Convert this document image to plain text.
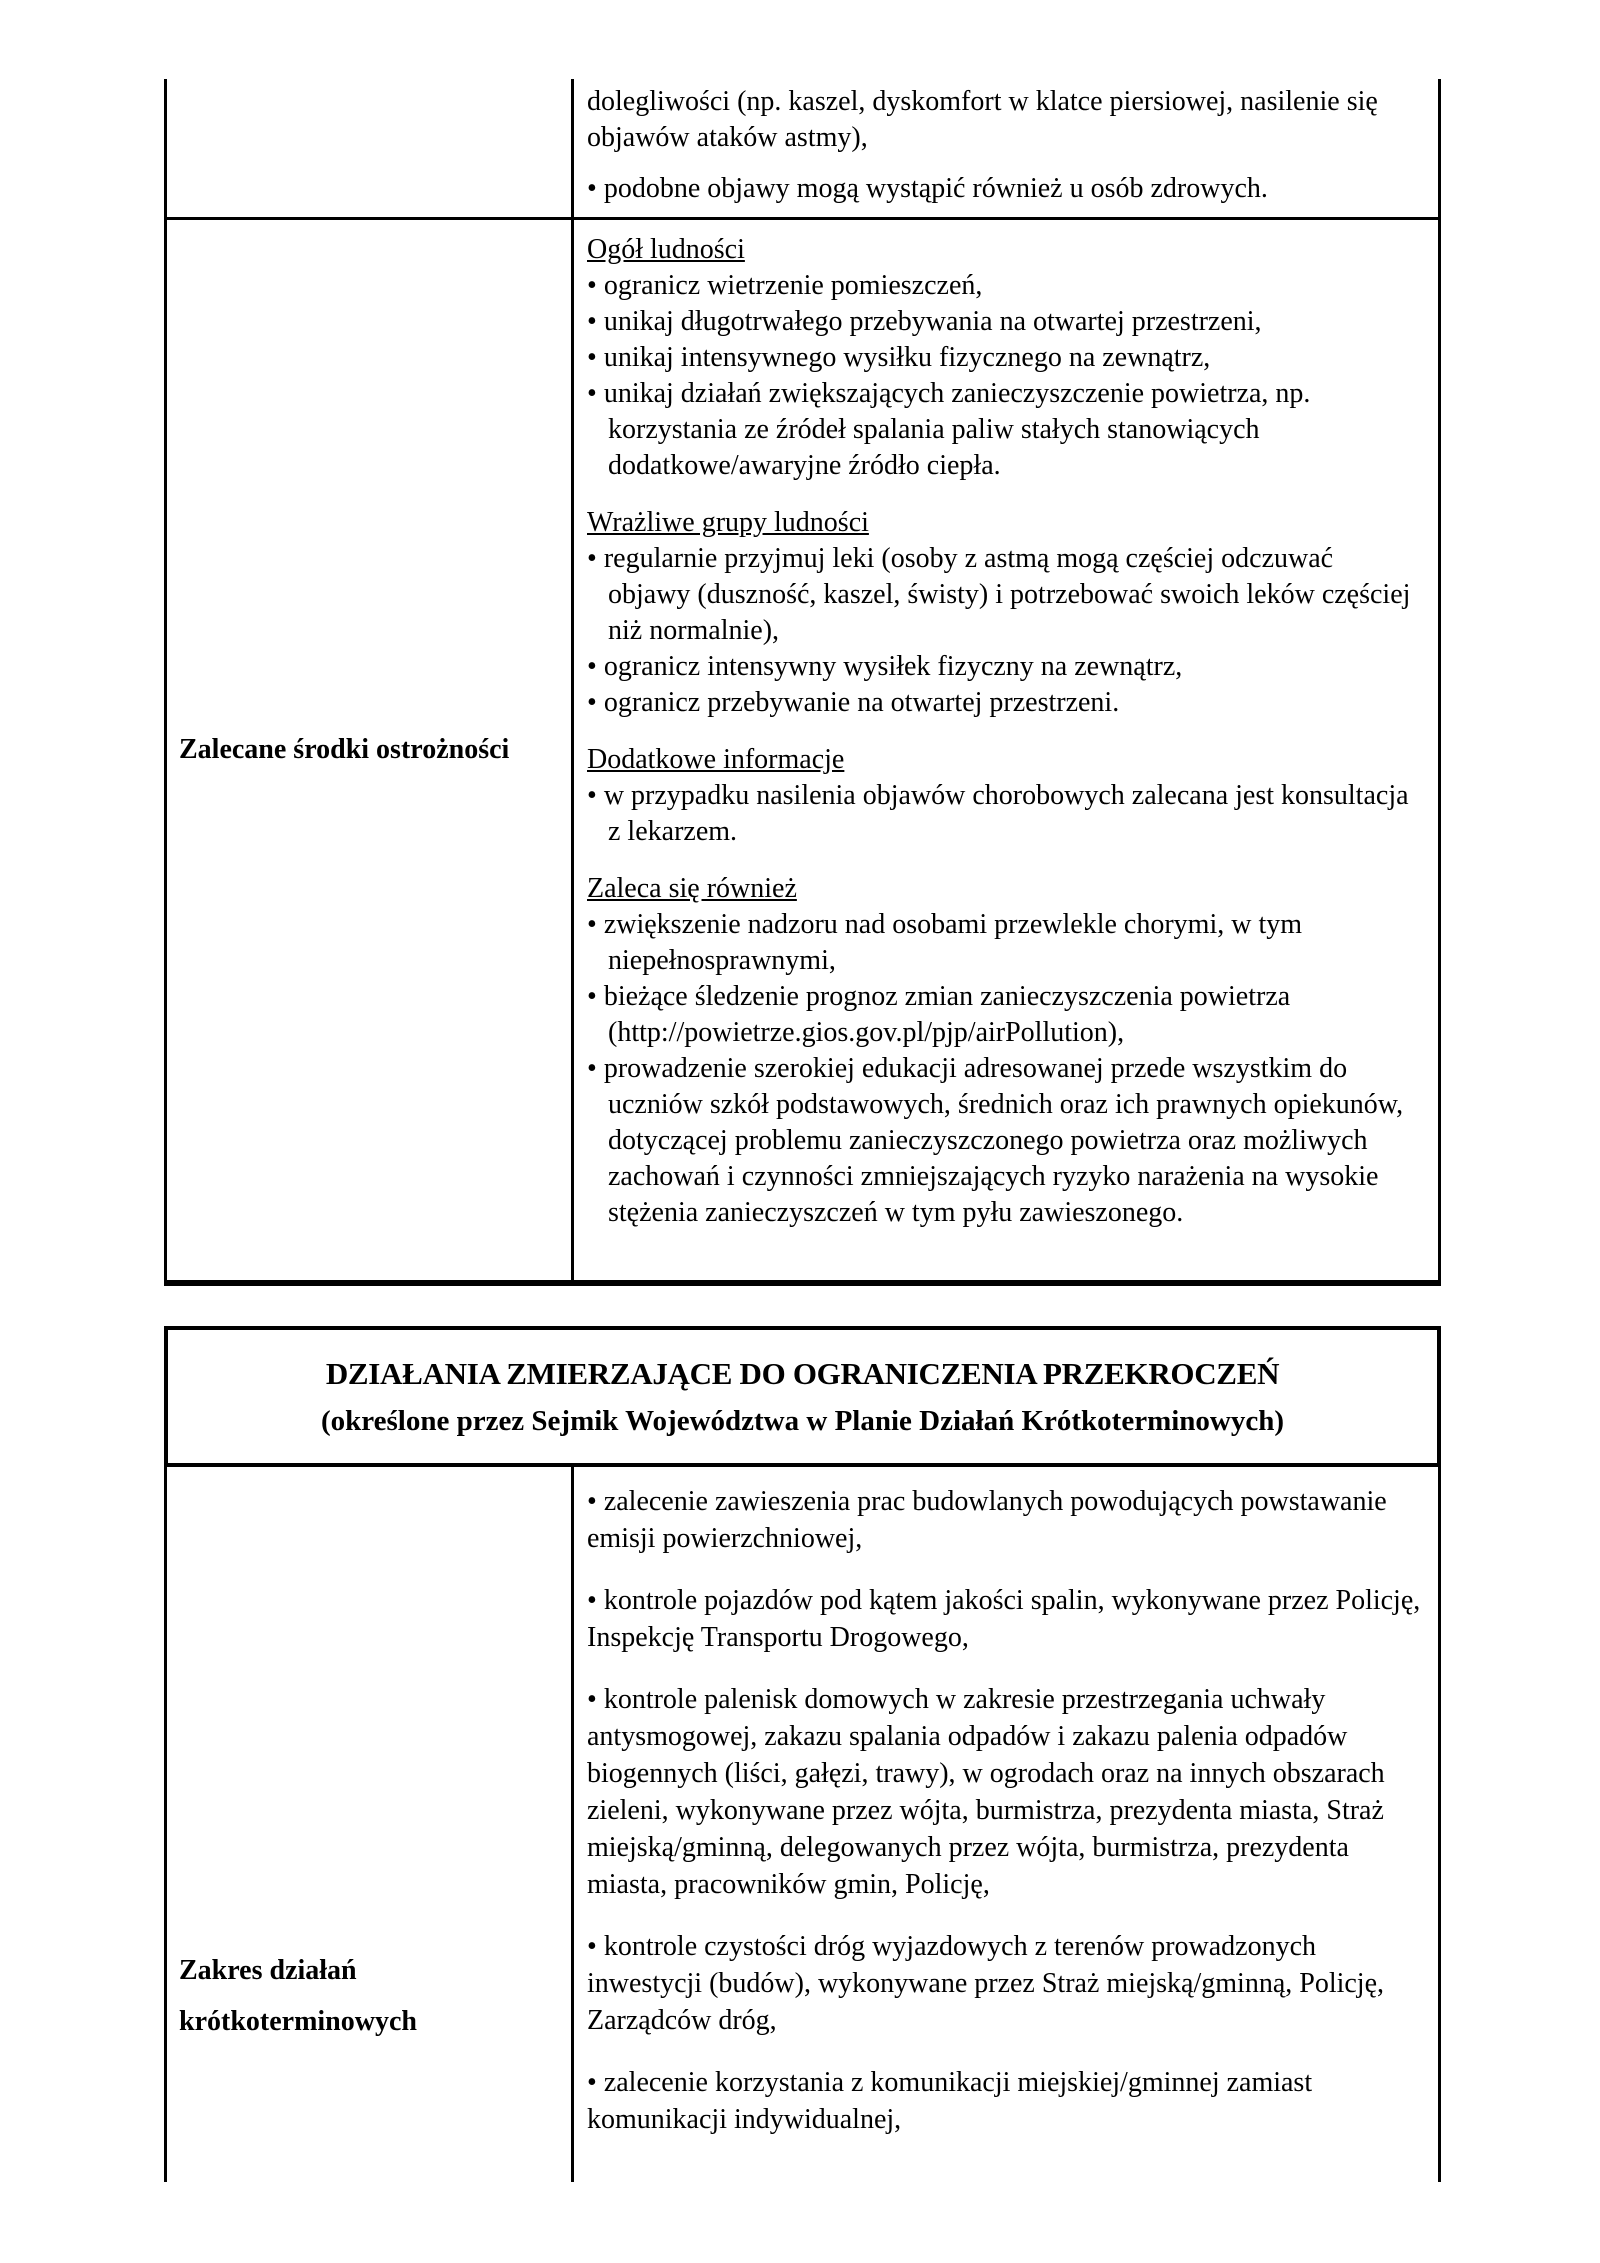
dolegliwości (np. kaszel, dyskomfort w klatce piersiowej, nasilenie się objawów ataków astmy),

• podobne objawy mogą wystąpić również u osób zdrowych.

Zalecane środki ostrożności

Ogół ludności

• ogranicz wietrzenie pomieszczeń,

• unikaj długotrwałego przebywania na otwartej przestrzeni,

• unikaj intensywnego wysiłku fizycznego na zewnątrz,

• unikaj działań zwiększających zanieczyszczenie powietrza, np. korzystania ze źródeł spalania paliw stałych stanowiących dodatkowe/awaryjne źródło ciepła.

Wrażliwe grupy ludności

• regularnie przyjmuj leki (osoby z astmą mogą częściej odczuwać objawy (duszność, kaszel, świsty) i potrzebować swoich leków częściej niż normalnie),

• ogranicz intensywny wysiłek fizyczny na zewnątrz,

• ogranicz przebywanie na otwartej przestrzeni.

Dodatkowe informacje

• w przypadku nasilenia objawów chorobowych zalecana jest konsultacja z lekarzem.

Zaleca się również

• zwiększenie nadzoru nad osobami przewlekle chorymi, w tym niepełnosprawnymi,

• bieżące śledzenie prognoz zmian zanieczyszczenia powietrza (http://powietrze.gios.gov.pl/pjp/airPollution),

• prowadzenie szerokiej edukacji adresowanej przede wszystkim do uczniów szkół podstawowych, średnich oraz ich prawnych opiekunów, dotyczącej problemu zanieczyszczonego powietrza oraz możliwych zachowań i czynności zmniejszających ryzyko narażenia na wysokie stężenia zanieczyszczeń w tym pyłu zawieszonego.

DZIAŁANIA ZMIERZAJĄCE DO OGRANICZENIA PRZEKROCZEŃ
(określone przez Sejmik Województwa w Planie Działań Krótkoterminowych)
Zakres działań
krótkoterminowych

• zalecenie zawieszenia prac budowlanych powodujących powstawanie emisji powierzchniowej,

• kontrole pojazdów pod kątem jakości spalin, wykonywane przez Policję, Inspekcję Transportu Drogowego,

• kontrole palenisk domowych w zakresie przestrzegania uchwały antysmogowej, zakazu spalania odpadów i zakazu palenia odpadów biogennych (liści, gałęzi, trawy), w ogrodach oraz na innych obszarach zieleni, wykonywane przez wójta, burmistrza, prezydenta miasta, Straż miejską/gminną, delegowanych przez wójta, burmistrza, prezydenta miasta, pracowników gmin, Policję,

• kontrole czystości dróg wyjazdowych z terenów prowadzonych inwestycji (budów), wykonywane przez Straż miejską/gminną, Policję, Zarządców dróg,

• zalecenie korzystania z komunikacji miejskiej/gminnej zamiast komunikacji indywidualnej,
